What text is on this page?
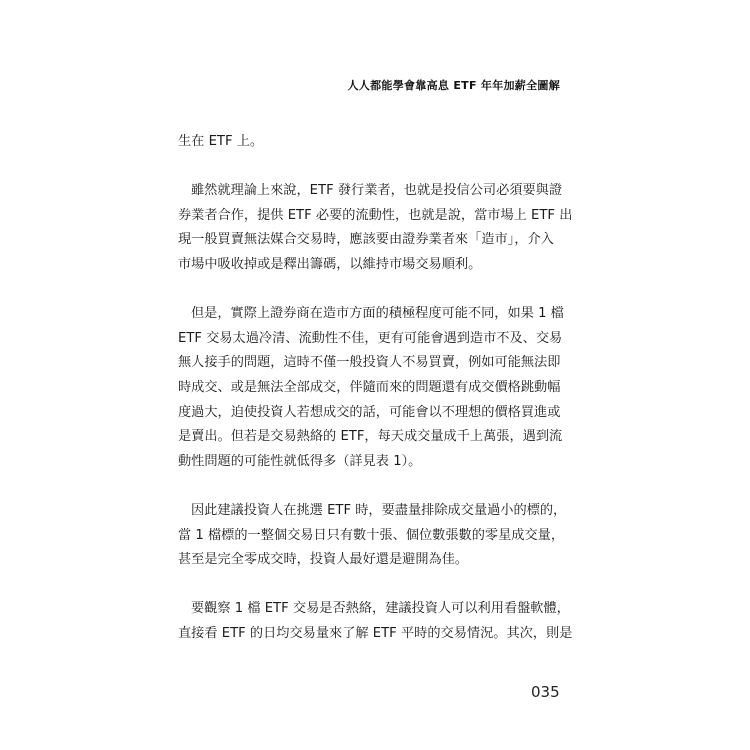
人人都能學會靠高息 ETF 年年加薪全圖解
生在 ETF 上。
雖然就理論上來說，ETF 發行業者，也就是投信公司必須要與證
券業者合作，提供 ETF 必要的流動性，也就是說，當市場上 ETF 出
現一般買賣無法媒合交易時，應該要由證券業者來「造市」，介入
市場中吸收掉或是釋出籌碼，以維持市場交易順利。
但是，實際上證券商在造市方面的積極程度可能不同，如果 1 檔
ETF 交易太過冷清、流動性不佳，更有可能會遇到造市不及、交易
無人接手的問題，這時不僅一般投資人不易買賣，例如可能無法即
時成交、或是無法全部成交，伴隨而來的問題還有成交價格跳動幅
度過大，迫使投資人若想成交的話，可能會以不理想的價格買進或
是賣出。但若是交易熱絡的 ETF，每天成交量成千上萬張，遇到流
動性問題的可能性就低得多（詳見表 1）。
因此建議投資人在挑選 ETF 時，要盡量排除成交量過小的標的，
當 1 檔標的一整個交易日只有數十張、個位數張數的零星成交量，
甚至是完全零成交時，投資人最好還是避開為佳。
要觀察 1 檔 ETF 交易是否熱絡，建議投資人可以利用看盤軟體，
直接看 ETF 的日均交易量來了解 ETF 平時的交易情況。其次，則是
035
